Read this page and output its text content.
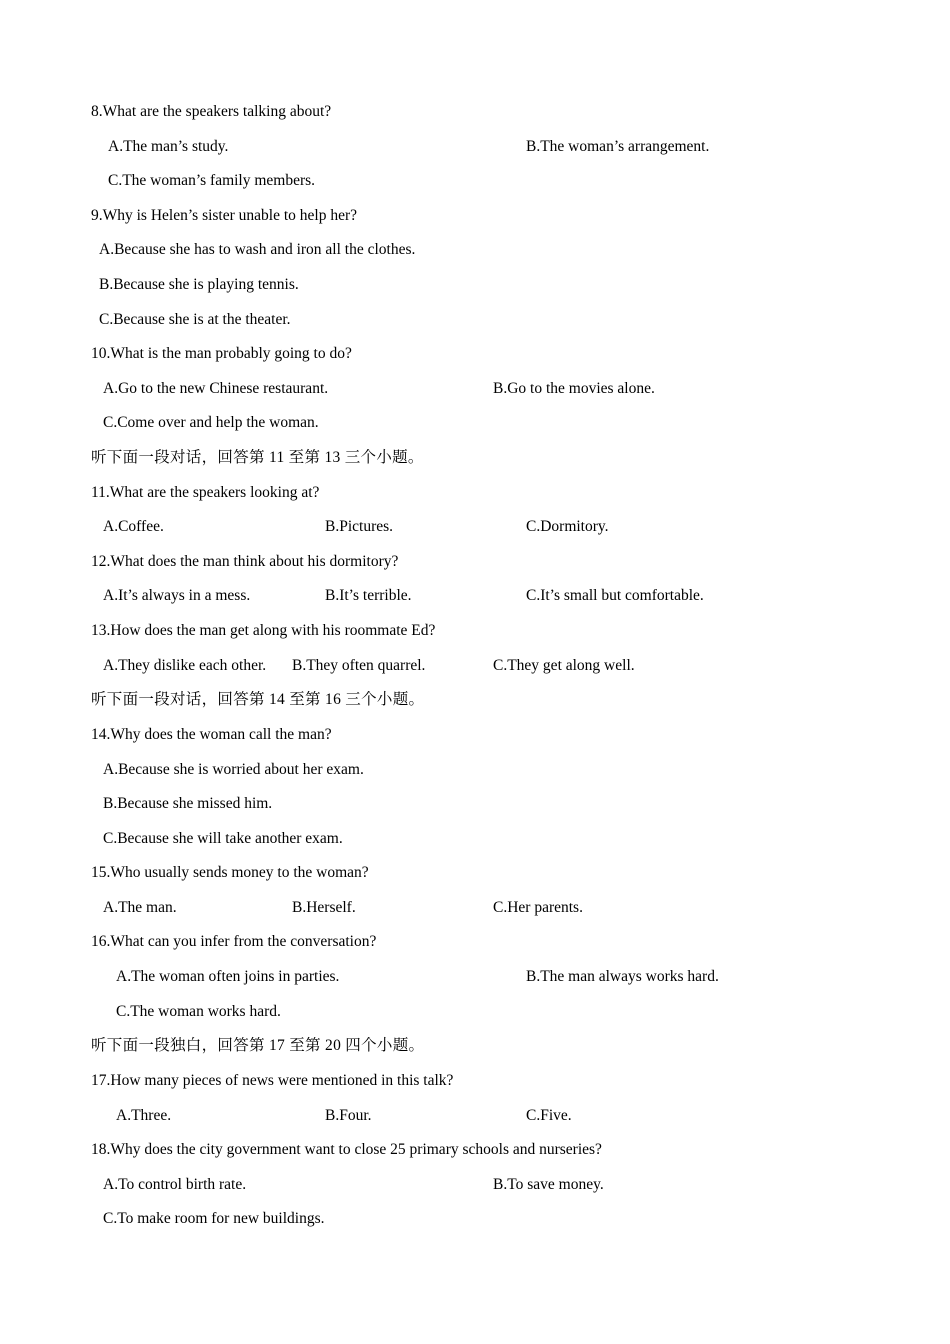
8.What are the speakers talking about?
A.The man’s study.	B.The woman’s arrangement.
C.The woman’s family members.
9.Why is Helen’s sister unable to help her?
A.Because she has to wash and iron all the clothes.
B.Because she is playing tennis.
C.Because she is at the theater.
10.What is the man probably going to do?
A.Go to the new Chinese restaurant.	B.Go to the movies alone.
C.Come over and help the woman.
听下面一段对话，回答第 11 至第 13 三个小题。
11.What are the speakers looking at?
A.Coffee.	B.Pictures.	C.Dormitory.
12.What does the man think about his dormitory?
A.It’s always in a mess.	B.It’s terrible.	C.It’s small but comfortable.
13.How does the man get along with his roommate Ed?
A.They dislike each other. B.They often quarrel.	C.They get along well.
听下面一段对话，回答第 14 至第 16 三个小题。
14.Why does the woman call the man?
A.Because she is worried about her exam.
B.Because she missed him.
C.Because she will take another exam.
15.Who usually sends money to the woman?
A.The man.	B.Herself.	C.Her parents.
16.What can you infer from the conversation?
A.The woman often joins in parties.	B.The man always works hard.
C.The woman works hard.
听下面一段独白，回答第 17 至第 20 四个小题。
17.How many pieces of news were mentioned in this talk?
A.Three.	B.Four.	C.Five.
18.Why does the city government want to close 25 primary schools and nurseries?
A.To control birth rate.	B.To save money.
C.To make room for new buildings.
